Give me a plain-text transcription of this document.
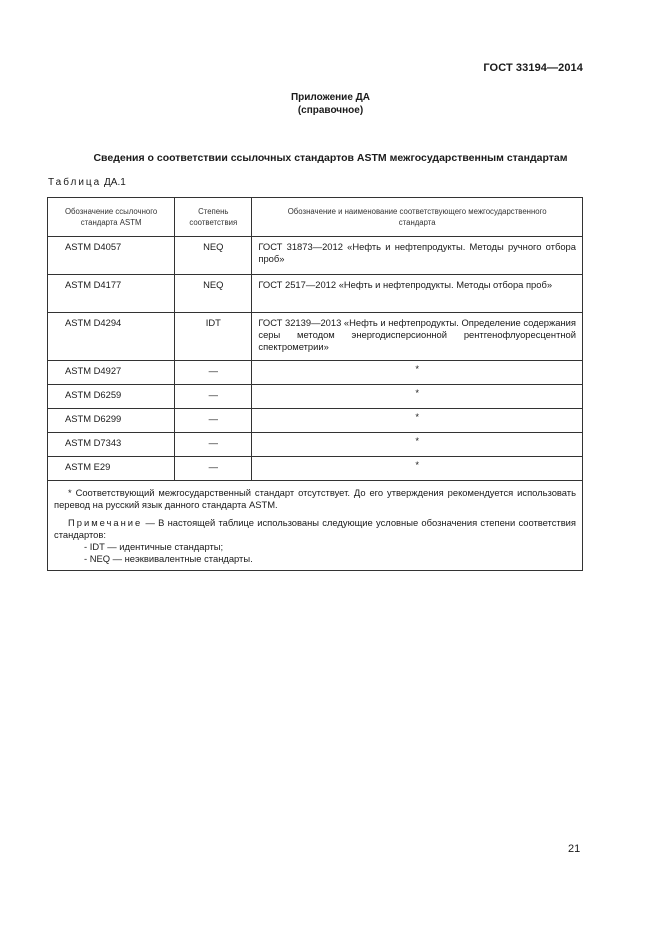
ГОСТ 33194—2014
Приложение ДА
(справочное)
Сведения о соответствии ссылочных стандартов ASTM межгосударственным стандартам
Таблица ДА.1
Обозначение ссылочного стандарта ASTM	Степень соответствия	Обозначение и наименование соответствующего межгосударственного стандарта
ASTM D4057	NEQ	ГОСТ 31873—2012 «Нефть и нефтепродукты. Методы ручного отбора проб»
ASTM D4177	NEQ	ГОСТ 2517—2012 «Нефть и нефтепродукты. Методы отбора проб»
ASTM D4294	IDT	ГОСТ 32139—2013 «Нефть и нефтепродукты. Определение содержания серы методом энергодисперсионной рентгенофлуоресцентной спектрометрии»
ASTM D4927	—	*
ASTM D6259	—	*
ASTM D6299	—	*
ASTM D7343	—	*
ASTM E29	—	*

* Соответствующий межгосударственный стандарт отсутствует. До его утверждения рекомендуется использовать перевод на русский язык данного стандарта ASTM.

Примечание — В настоящей таблице использованы следующие условные обозначения степени соответствия стандартов:

- IDT — идентичные стандарты;
- NEQ — неэквивалентные стандарты.		
21
